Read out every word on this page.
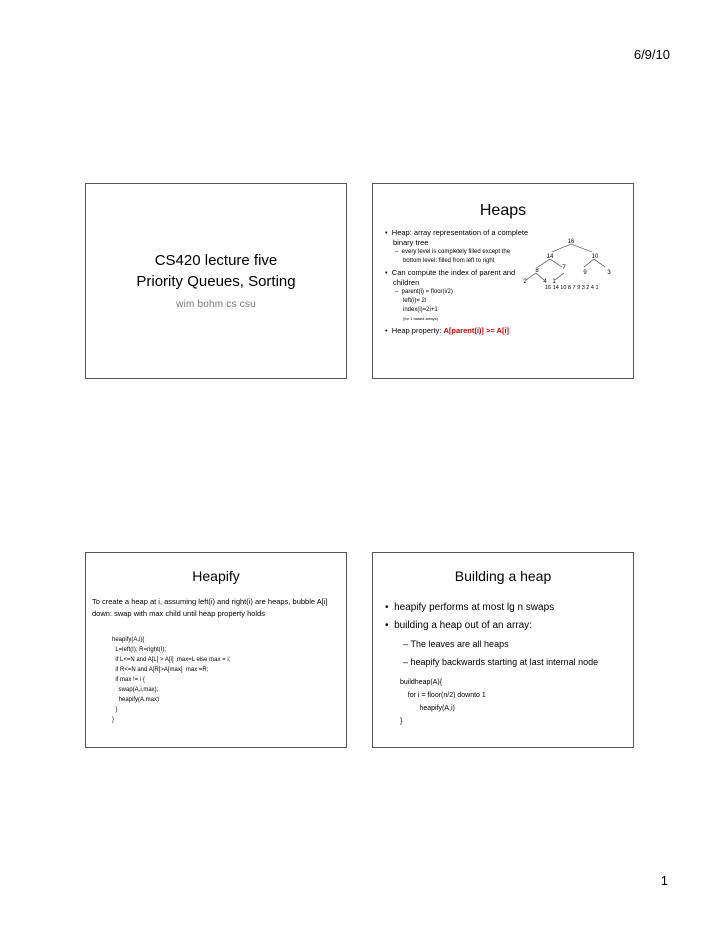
6/9/10
CS420 lecture five
Priority Queues, Sorting
wim bohm cs csu
Heaps
•  Heap: array representation of a complete binary tree
–  every level is completely filled except the bottom level: filled from left to right
•  Can compute the index of parent and children
–  parent(i) = floor(i/2)
left(i)= 2i
index(i)=2i+1
(for 1 based arrays)
•  Heap property: A[parent(i)] >= A[i]
16
14	10
8	7
9	3
2	4 1
16 14 10 8 7 9 3 2 4 1
Heapify
To create a heap at i, assuming left(i) and right(i) are heaps, bubble A[i] down: swap with max child until heap property holds
heapify(A,i){
L=left(I); R=right(I);
if L<=N and A[L] > A[i]  max=L else max = i;
if R<=N and A[R]>A[max]  max =R;
if max != i {
swap(A,i,max);
heapify(A.max)
}
}
Building a heap
•  heapify performs at most lg n swaps
•  building a heap out of an array:
– The leaves are all heaps
– heapify backwards starting at last internal node
buildheap(A){
for i = floor(n/2) downto 1
heapify(A,i)
}
1
